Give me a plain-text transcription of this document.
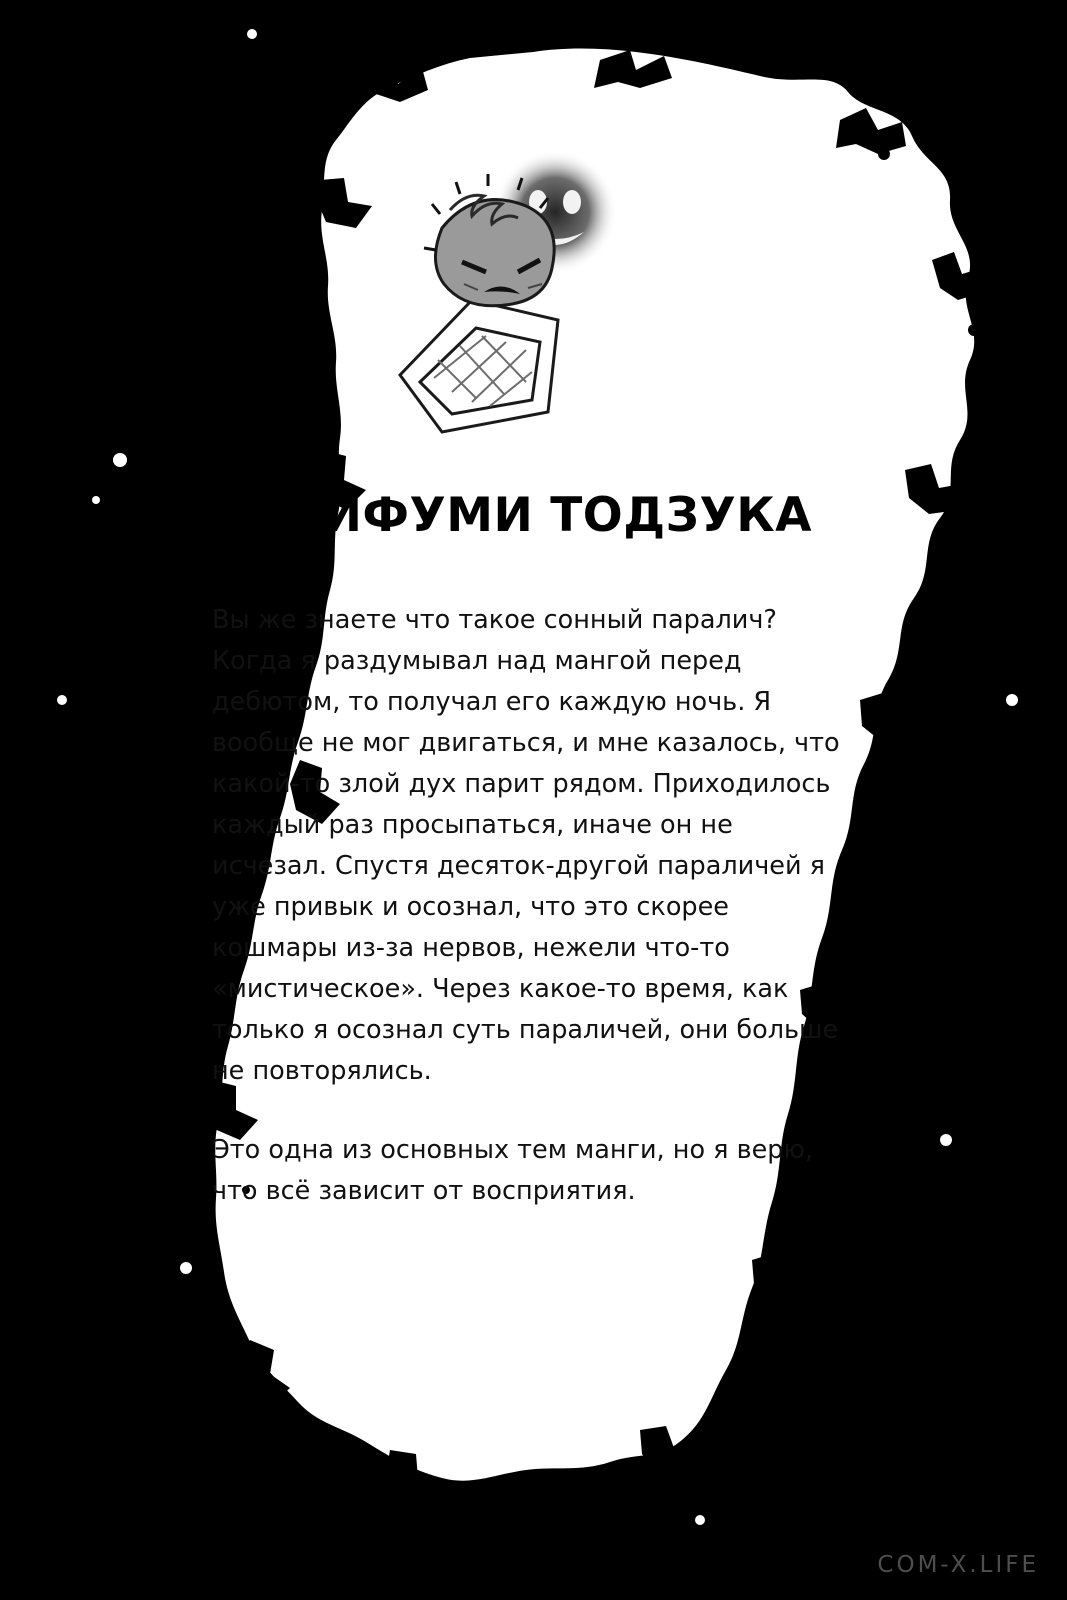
ЁСИФУМИ ТОДЗУКА

Вы же знаете что такое сонный паралич? Когда я раздумывал над мангой перед дебютом, то получал его каждую ночь. Я вообще не мог двигаться, и мне казалось, что какой-то злой дух парит рядом. Приходилось каждый раз просыпаться, иначе он не исчезал. Спустя десяток-другой параличей я уже привык и осознал, что это скорее кошмары из-за нервов, нежели что-то «мистическое». Через какое-то время, как только я осознал суть параличей, они больше не повторялись.

Это одна из основных тем манги, но я верю, что всё зависит от восприятия.

COM-X.LIFE
